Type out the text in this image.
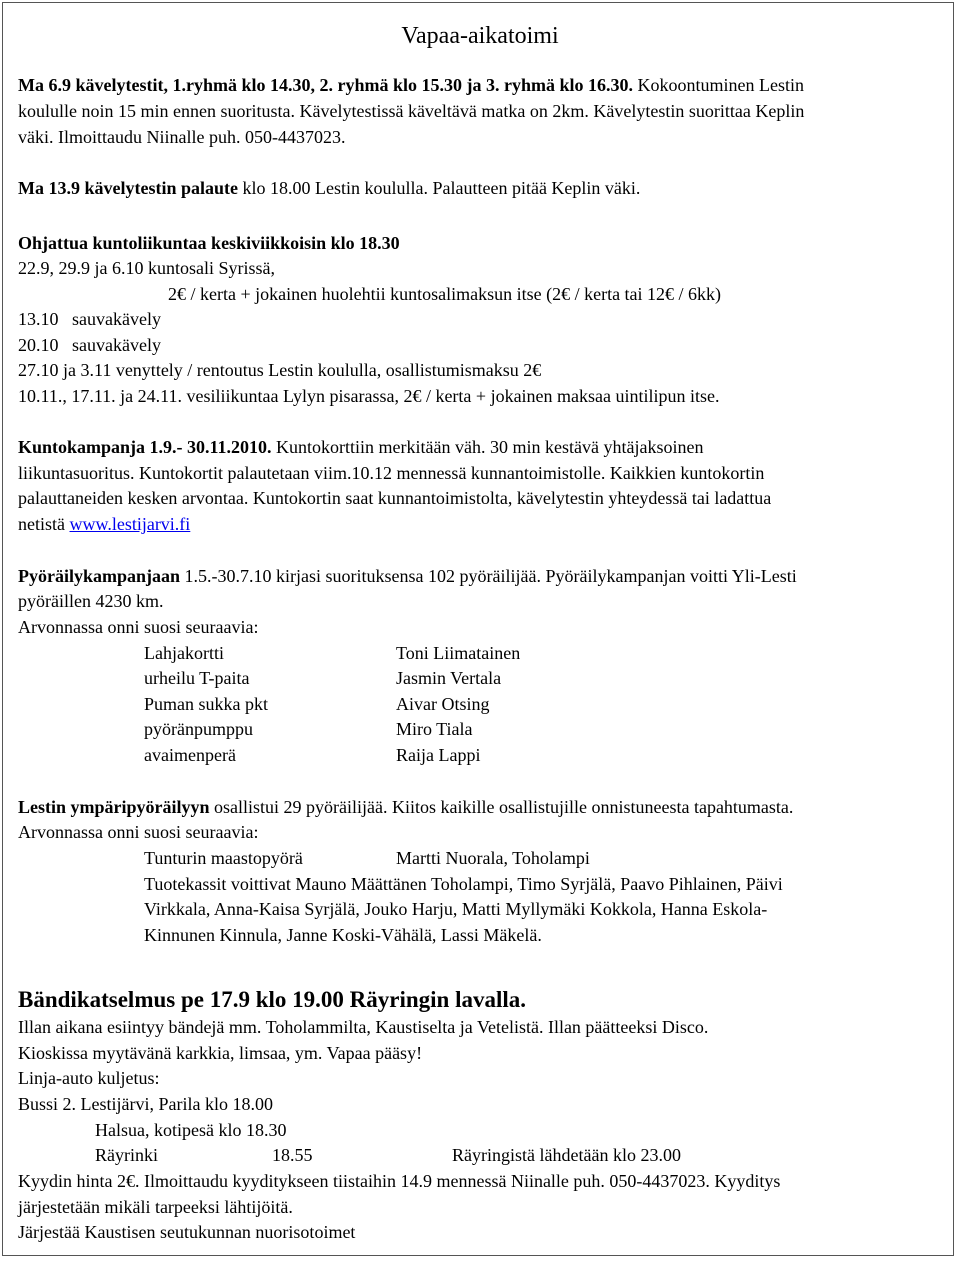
Vapaa-aikatoimi
Ma 6.9 kävelytestit, 1.ryhmä klo 14.30, 2. ryhmä klo 15.30 ja 3. ryhmä klo 16.30. Kokoontuminen Lestin
koululle noin 15 min ennen suoritusta. Kävelytestissä käveltävä matka on 2km. Kävelytestin suorittaa Keplin
väki. Ilmoittaudu Niinalle puh. 050-4437023.
Ma 13.9 kävelytestin palaute klo 18.00 Lestin koululla. Palautteen pitää Keplin väki.
Ohjattua kuntoliikuntaa keskiviikkoisin klo 18.30
22.9, 29.9 ja 6.10 kuntosali Syrissä,
2€ / kerta + jokainen huolehtii kuntosalimaksun itse (2€ / kerta tai 12€ / 6kk)
13.10   sauvakävely
20.10   sauvakävely
27.10 ja 3.11 venyttely / rentoutus Lestin koululla, osallistumismaksu 2€
10.11., 17.11. ja 24.11. vesiliikuntaa Lylyn pisarassa, 2€ / kerta + jokainen maksaa uintilipun itse.
Kuntokampanja 1.9.- 30.11.2010. Kuntokorttiin merkitään väh. 30 min kestävä yhtäjaksoinen
liikuntasuoritus. Kuntokortit palautetaan viim.10.12 mennessä kunnantoimistolle. Kaikkien kuntokortin
palauttaneiden kesken arvontaa. Kuntokortin saat kunnantoimistolta, kävelytestin yhteydessä tai ladattua
netistä www.lestijarvi.fi
Pyöräilykampanjaan 1.5.-30.7.10 kirjasi suorituksensa 102 pyöräilijää. Pyöräilykampanjan voitti Yli-Lesti
pyöräillen 4230 km.
Arvonnassa onni suosi seuraavia:
Lahjakortti	Toni Liimatainen
urheilu T-paita	Jasmin Vertala
Puman sukka pkt	Aivar Otsing
pyöränpumppu	Miro Tiala
avaimenperä	Raija Lappi
Lestin ympäripyöräilyyn osallistui 29 pyöräilijää. Kiitos kaikille osallistujille onnistuneesta tapahtumasta.
Arvonnassa onni suosi seuraavia:
Tunturin maastopyörä	Martti Nuorala, Toholampi
Tuotekassit voittivat Mauno Määttänen Toholampi, Timo Syrjälä, Paavo Pihlainen, Päivi
Virkkala, Anna-Kaisa Syrjälä, Jouko Harju, Matti Myllymäki Kokkola, Hanna Eskola-
Kinnunen Kinnula, Janne Koski-Vähälä, Lassi Mäkelä.
Bändikatselmus pe 17.9 klo 19.00 Räyringin lavalla.
Illan aikana esiintyy bändejä mm. Toholammilta, Kaustiselta ja Vetelistä. Illan päätteeksi Disco.
Kioskissa myytävänä karkkia, limsaa, ym. Vapaa pääsy!
Linja-auto kuljetus:
Bussi 2. Lestijärvi, Parila klo 18.00
Halsua, kotipesä klo 18.30
Räyrinki	18.55	Räyringistä lähdetään klo 23.00
Kyydin hinta 2€. Ilmoittaudu kyyditykseen tiistaihin 14.9 mennessä Niinalle puh. 050-4437023. Kyyditys
järjestetään mikäli tarpeeksi lähtijöitä.
Järjestää Kaustisen seutukunnan nuorisotoimet
